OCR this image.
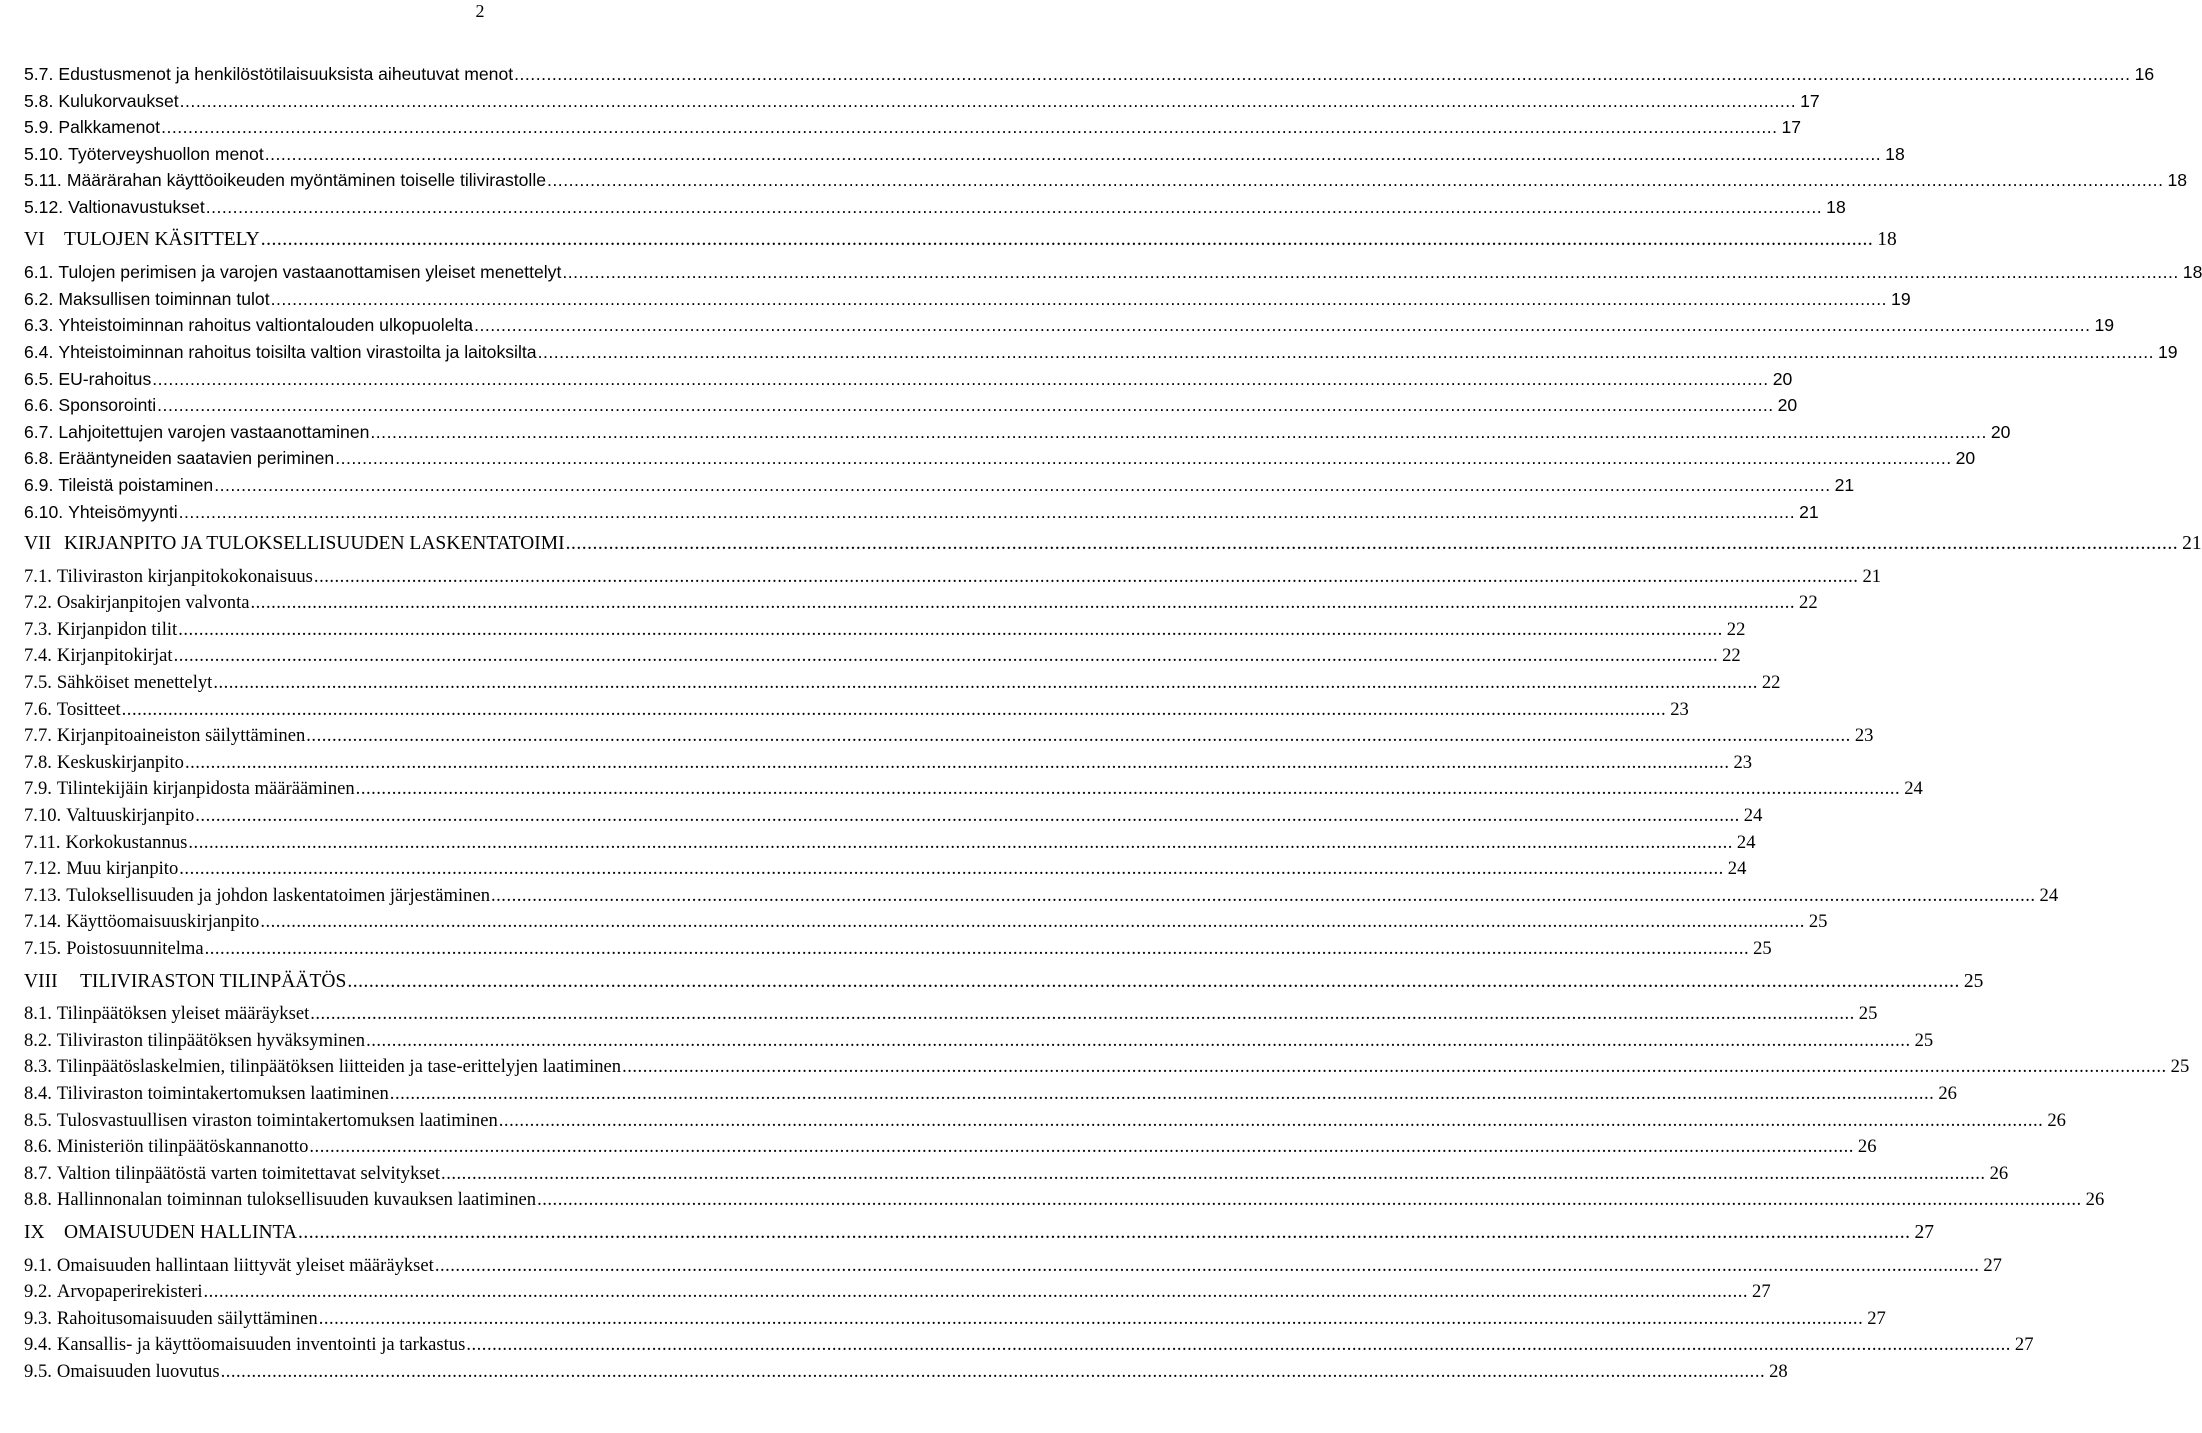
2
5.7. Edustusmenot ja henkilöstötilaisuuksista aiheutuvat menot ............................................................................................................................................................................................................................................................................................................ 16
5.8. Kulukorvaukset ............................................................................................................................................................................................................................................................................................................ 17
5.9. Palkkamenot ............................................................................................................................................................................................................................................................................................................ 17
5.10. Työterveyshuollon menot ............................................................................................................................................................................................................................................................................................................ 18
5.11. Määrärahan käyttöoikeuden myöntäminen toiselle tilivirastolle ............................................................................................................................................................................................................................................................................................................ 18
5.12. Valtionavustukset ............................................................................................................................................................................................................................................................................................................ 18
VI TULOJEN KÄSITTELY ............................................................................................................................................................................................................................................................................................................ 18
6.1. Tulojen perimisen ja varojen vastaanottamisen yleiset menettelyt ............................................................................................................................................................................................................................................................................................................ 18
6.2. Maksullisen toiminnan tulot ............................................................................................................................................................................................................................................................................................................ 19
6.3. Yhteistoiminnan rahoitus valtiontalouden ulkopuolelta ............................................................................................................................................................................................................................................................................................................ 19
6.4. Yhteistoiminnan rahoitus toisilta valtion virastoilta ja laitoksilta ............................................................................................................................................................................................................................................................................................................ 19
6.5. EU-rahoitus ............................................................................................................................................................................................................................................................................................................ 20
6.6. Sponsorointi ............................................................................................................................................................................................................................................................................................................ 20
6.7. Lahjoitettujen varojen vastaanottaminen ............................................................................................................................................................................................................................................................................................................ 20
6.8. Erääntyneiden saatavien periminen ............................................................................................................................................................................................................................................................................................................ 20
6.9. Tileistä poistaminen ............................................................................................................................................................................................................................................................................................................ 21
6.10. Yhteisömyynti ............................................................................................................................................................................................................................................................................................................ 21
VII KIRJANPITO JA TULOKSELLISUUDEN LASKENTATOIMI ............................................................................................................................................................................................................................................................................................................ 21
7.1. Tiliviraston kirjanpitokokonaisuus ............................................................................................................................................................................................................................................................................................................ 21
7.2. Osakirjanpitojen valvonta ............................................................................................................................................................................................................................................................................................................ 22
7.3. Kirjanpidon tilit ............................................................................................................................................................................................................................................................................................................ 22
7.4. Kirjanpitokirjat ............................................................................................................................................................................................................................................................................................................ 22
7.5. Sähköiset menettelyt ............................................................................................................................................................................................................................................................................................................ 22
7.6. Tositteet ............................................................................................................................................................................................................................................................................................................ 23
7.7. Kirjanpitoaineiston säilyttäminen ............................................................................................................................................................................................................................................................................................................ 23
7.8. Keskuskirjanpito ............................................................................................................................................................................................................................................................................................................ 23
7.9. Tilintekijäin kirjanpidosta määrääminen ............................................................................................................................................................................................................................................................................................................ 24
7.10. Valtuuskirjanpito ............................................................................................................................................................................................................................................................................................................ 24
7.11. Korkokustannus ............................................................................................................................................................................................................................................................................................................ 24
7.12. Muu kirjanpito ............................................................................................................................................................................................................................................................................................................ 24
7.13. Tuloksellisuuden ja johdon laskentatoimen järjestäminen ............................................................................................................................................................................................................................................................................................................ 24
7.14. Käyttöomaisuuskirjanpito ............................................................................................................................................................................................................................................................................................................ 25
7.15. Poistosuunnitelma ............................................................................................................................................................................................................................................................................................................ 25
VIII	TILIVIRASTON TILINPÄÄTÖS ............................................................................................................................................................................................................................................................................................................ 25
8.1. Tilinpäätöksen yleiset määräykset ............................................................................................................................................................................................................................................................................................................ 25
8.2. Tiliviraston tilinpäätöksen hyväksyminen ............................................................................................................................................................................................................................................................................................................ 25
8.3. Tilinpäätöslaskelmien, tilinpäätöksen liitteiden ja tase-erittelyjen laatiminen ............................................................................................................................................................................................................................................................................................................ 25
8.4. Tiliviraston toimintakertomuksen laatiminen ............................................................................................................................................................................................................................................................................................................ 26
8.5. Tulosvastuullisen viraston toimintakertomuksen laatiminen ............................................................................................................................................................................................................................................................................................................ 26
8.6. Ministeriön tilinpäätöskannanotto ............................................................................................................................................................................................................................................................................................................ 26
8.7. Valtion tilinpäätöstä varten toimitettavat selvitykset ............................................................................................................................................................................................................................................................................................................ 26
8.8. Hallinnonalan toiminnan tuloksellisuuden kuvauksen laatiminen ............................................................................................................................................................................................................................................................................................................ 26
IX OMAISUUDEN HALLINTA ............................................................................................................................................................................................................................................................................................................ 27
9.1. Omaisuuden hallintaan liittyvät yleiset määräykset ............................................................................................................................................................................................................................................................................................................ 27
9.2. Arvopaperirekisteri ............................................................................................................................................................................................................................................................................................................ 27
9.3. Rahoitusomaisuuden säilyttäminen ............................................................................................................................................................................................................................................................................................................ 27
9.4. Kansallis- ja käyttöomaisuuden inventointi ja tarkastus ............................................................................................................................................................................................................................................................................................................ 27
9.5. Omaisuuden luovutus ............................................................................................................................................................................................................................................................................................................ 28
